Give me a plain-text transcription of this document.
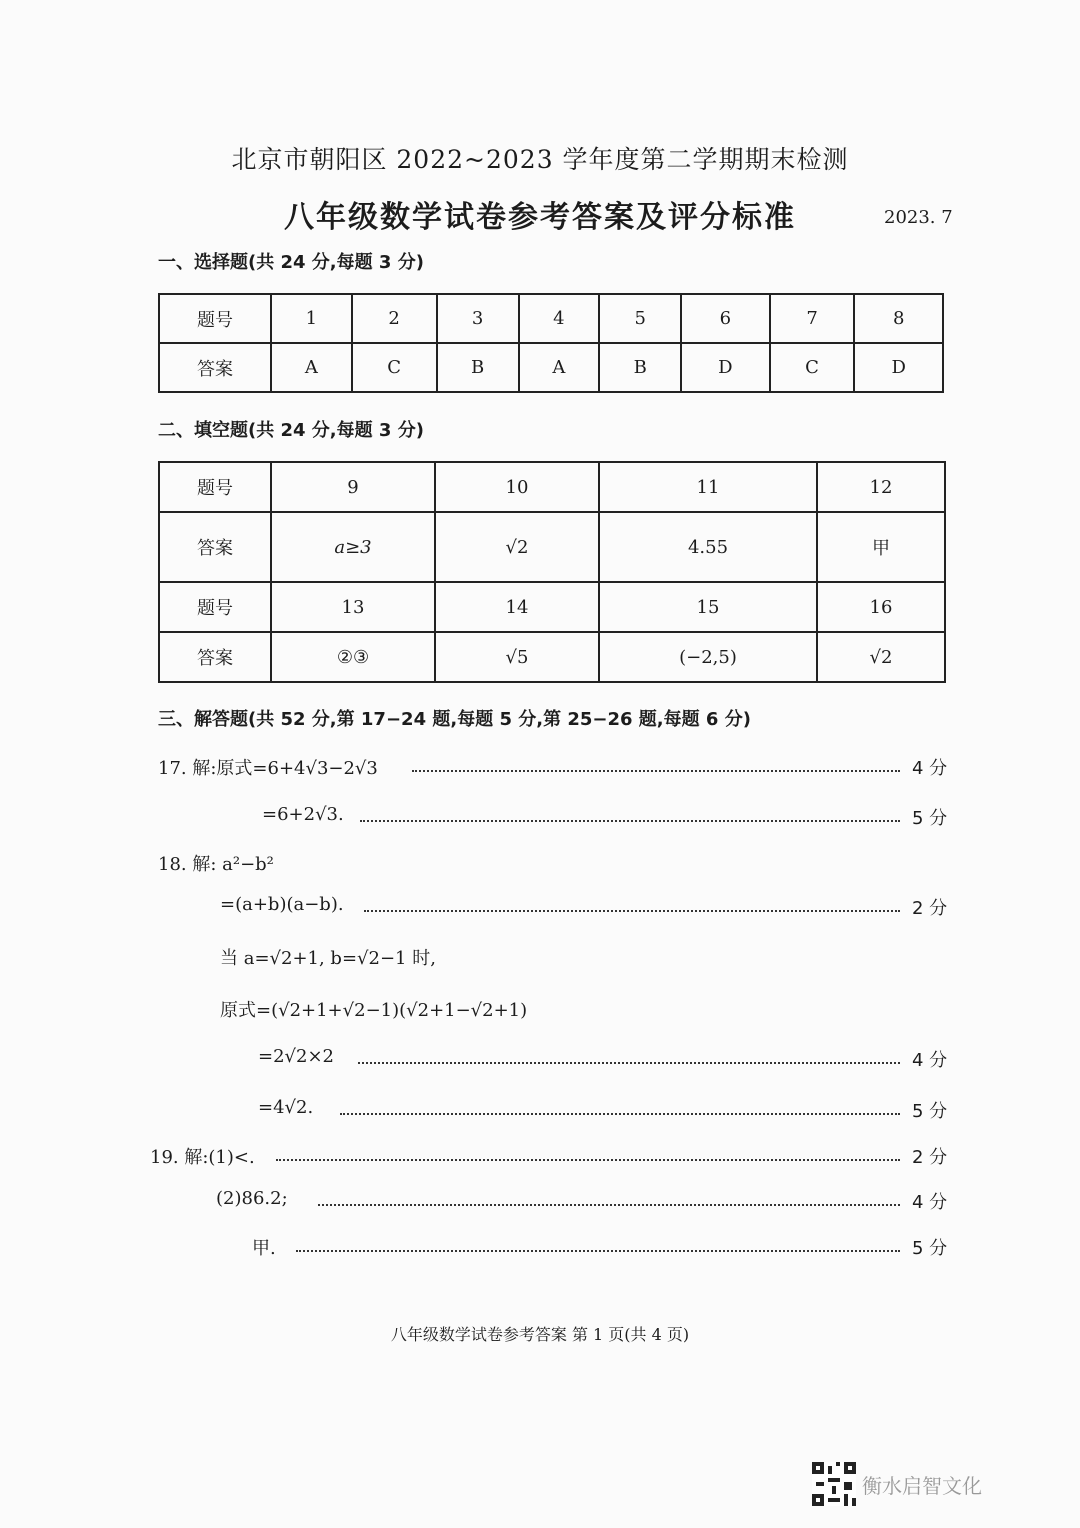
北京市朝阳区 2022~2023 学年度第二学期期末检测
八年级数学试卷参考答案及评分标准	2023. 7
一、选择题(共 24 分,每题 3 分)
题号	1	2	3	4	5	6	7	8
答案	A	C	B	A	B	D	C	D
二、填空题(共 24 分,每题 3 分)
题号	9	10	11	12
答案	a≥3	√2	4.55	甲
题号	13	14	15	16
答案	②③	√5	(−2,5)	√2
三、解答题(共 52 分,第 17−24 题,每题 5 分,第 25−26 题,每题 6 分)
17. 解:原式=6+4√3−2√3	4 分
=6+2√3.	5 分
18. 解: a²−b²
=(a+b)(a−b).	2 分
当 a=√2+1, b=√2−1 时,
原式=(√2+1+√2−1)(√2+1−√2+1)
=2√2×2	4 分
=4√2.	5 分
19. 解:(1)<.	2 分
(2)86.2;	4 分
甲.	5 分
八年级数学试卷参考答案 第 1 页(共 4 页)
衡水启智文化
